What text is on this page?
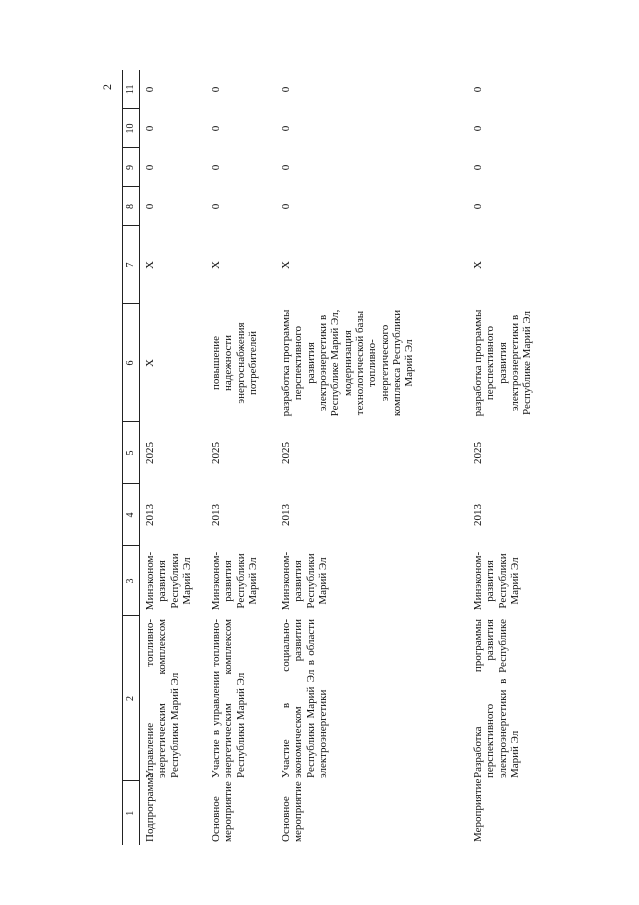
2
1	2	3	4	5	6	7	8	9	10	11
Подпрограмма	Управление топливно-энергетическим комплексом Республики Марий Эл	Минэконом-развития Республики Марий Эл	2013	2025	X	X	0	0	0	0
Основное мероприятие	Участие в управлении топливно-энергетическим комплексом Республики Марий Эл	Минэконом-развития Республики Марий Эл	2013	2025	повышение надежности энергоснабжения потребителей	X	0	0	0	0
Основное мероприятие	Участие в социально-экономическом развитии Республики Марий Эл в области электроэнергетики	Минэконом-развития Республики Марий Эл	2013	2025	разработка программы перспективного развития электроэнергетики в Республике Марий Эл, модернизация технологической базы топливно-энергетического комплекса Республики Марий Эл	X	0	0	0	0
Мероприятие	Разработка программы перспективного развития электроэнергетики в Республике Марий Эл	Минэконом-развития Республики Марий Эл	2013	2025	разработка программы перспективного развития электроэнергетики в Республике Марий Эл	X	0	0	0	0
